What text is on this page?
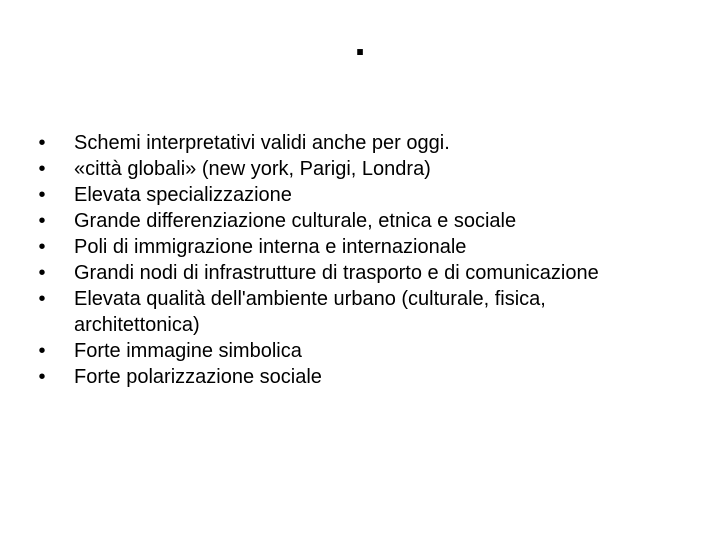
.
• Schemi interpretativi validi anche per oggi.
• «città globali» (new york, Parigi, Londra)
• Elevata specializzazione
• Grande differenziazione culturale, etnica e sociale
• Poli di immigrazione interna e internazionale
• Grandi nodi di infrastrutture di trasporto e di comunicazione
• Elevata qualità dell'ambiente urbano (culturale, fisica, architettonica)
• Forte immagine simbolica
• Forte polarizzazione sociale
